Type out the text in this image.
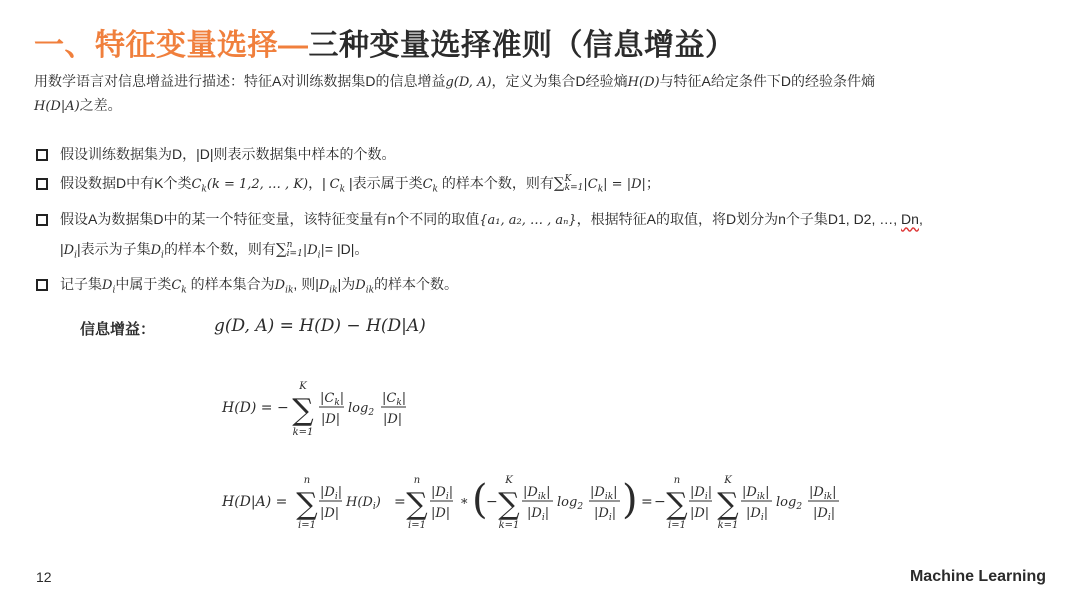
一、特征变量选择—三种变量选择准则（信息增益）

用数学语言对信息增益进行描述：特征A对训练数据集D的信息增益g(D, A)，定义为集合D经验熵H(D)与特征A给定条件下D的经验条件熵
H(D|A)之差。

假设训练数据集为D，|D|则表示数据集中样本的个数。
假设数据D中有K个类$C_k(k = 1,2$, … , K)，| $C_k$ |表示属于类$C_k$ 的样本个数，则有∑K
$k=1|C_k| = |D|$；
假设A为数据集D中的某一个特征变量，该特征变量有n个不同的取值{a₁, a₂, … , aₙ}，根据特征A的取值，将D划分为n个子集D1, D2, …, Dn,
$|D_i|$表示为子集$D_i$的样本个数，则有∑n
$i=1|D_i|= |D|$。
记子集$D_i$中属于类$C_k$ 的样本集合为$D_{ik}$, 则$|D_{ik}|$为$D_{ik}$的样本个数。
信息增益：	g(D, A) = H(D) − H(D|A)
H(D) = −
K
∑
k=1
$|C_k|$
|D|
$\log_2$
$|C_k|$
|D|
H(D|A) =
n
∑
i=1
$|D_i|$
|D|
$H(D_i)$ =
n
∑
i=1
$|D_i|$
|D|
* (
−
K
∑
k=1
$|D_{ik}|$
$|D_i|$
$\log_2$
$|D_{ik}|$
$|D_i|$ ) = −
n
∑
i=1
$|D_i|$
|D|
K
∑
k=1
$|D_{ik}|$
$|D_i|$
$\log_2$
$|D_{ik}|$
$|D_i|$
12	Machine Learning
